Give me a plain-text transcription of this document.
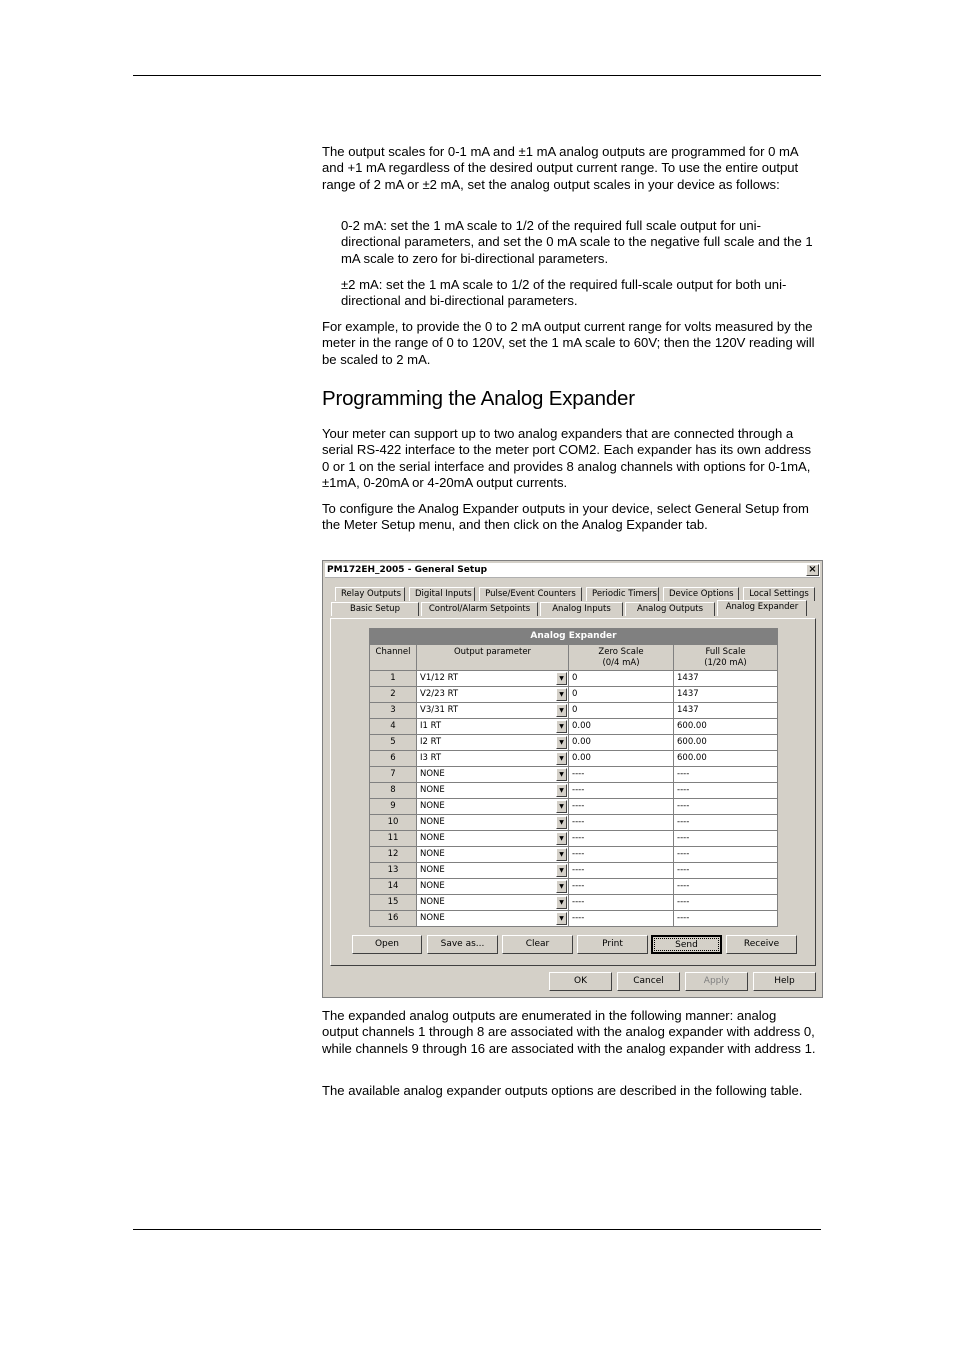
The output scales for 0-1 mA and ±1 mA analog outputs are programmed for 0 mA and +1 mA regardless of the desired output current range. To use the entire output range of 2 mA or ±2 mA, set the analog output scales in your device as follows:

0-2 mA: set the 1 mA scale to 1/2 of the required full scale output for uni-directional parameters, and set the 0 mA scale to the negative full scale and the 1 mA scale to zero for bi-directional parameters.

±2 mA: set the 1 mA scale to 1/2 of the required full-scale output for both uni-directional and bi-directional parameters.

For example, to provide the 0 to 2 mA output current range for volts measured by the meter in the range of 0 to 120V, set the 1 mA scale to 60V; then the 120V reading will be scaled to 2 mA.

Programming the Analog Expander

Your meter can support up to two analog expanders that are connected through a serial RS-422 interface to the meter port COM2. Each expander has its own address 0 or 1 on the serial interface and provides 8 analog channels with options for 0-1mA, ±1mA, 0-20mA or 4-20mA output currents.

To configure the Analog Expander outputs in your device, select General Setup from the Meter Setup menu, and then click on the Analog Expander tab.

PM172EH_2005 - General Setup	×
Relay Outputs	Digital Inputs	Pulse/Event Counters	Periodic Timers	Device Options	Local Settings
Basic Setup	Control/Alarm Setpoints	Analog Inputs	Analog Outputs	Analog Expander
Analog Expander
Channel	Output parameter	Zero Scale
(0/4 mA)
Full Scale
(1/20 mA)
1	V1/12 RT	▼ 0	1437
2	V2/23 RT	▼ 0	1437
3	V3/31 RT	▼ 0	1437
4	I1 RT	▼ 0.00	600.00
5	I2 RT	▼ 0.00	600.00
6	I3 RT	▼ 0.00	600.00
7	NONE	▼ ----	----
8	NONE	▼ ----	----
9	NONE	▼ ----	----
10	NONE	▼ ----	----
11	NONE	▼ ----	----
12	NONE	▼ ----	----
13	NONE	▼ ----	----
14	NONE	▼ ----	----
15	NONE	▼ ----	----
16	NONE	▼ ----	----
Open	Save as...	Clear	Print	Send	Receive
OK	Cancel	Apply	Help

The expanded analog outputs are enumerated in the following manner: analog output channels 1 through 8 are associated with the analog expander with address 0, while channels 9 through 16 are associated with the analog expander with address 1.

The available analog expander outputs options are described in the following table.
